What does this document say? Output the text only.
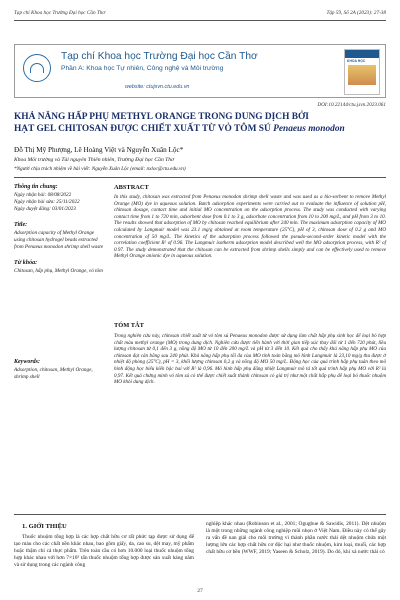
Tạp chí Khoa học Trường Đại học Cần Thơ	Tập 59, Số 2A (2023): 27-38
Tạp chí Khoa học Trường Đại học Cần Thơ
Phần A: Khoa học Tự nhiên, Công nghệ và Môi trường
website: ctujsvn.ctu.edu.vn
KHOA HỌC
DOI:10.22144/ctu.jsvn.2023.061
KHẢ NĂNG HẤP PHỤ METHYL ORANGE TRONG DUNG DỊCH BỞI
HẠT GEL CHITOSAN ĐƯỢC CHIẾT XUẤT TỪ VỎ TÔM SÚ Penaeus monodon
Đỗ Thị Mỹ Phượng, Lê Hoàng Việt và Nguyễn Xuân Lộc*
Khoa Môi trường và Tài nguyên Thiên nhiên, Trường Đại học Cần Thơ
*Người chịu trách nhiệm về bài viết: Nguyễn Xuân Lộc (email: nxloc@ctu.edu.vn)
Thông tin chung:
Ngày nhận bài: 08/08/2022
Ngày nhận bài sửa: 25/11/2022
Ngày duyệt đăng: 03/01/2023
Title:
Adsorption capacity of Methyl Orange using chitosan hydrogel beads extracted from Penaeus monodon shrimp shell waste
Từ khóa:
Chitosan, hấp phụ, Methyl Orange, vỏ tôm
Keywords:
Adsorption, chitosan, Methyl Orange, shrimp shell
ABSTRACT

In this study, chitosan was extracted from Penaeus monodon shrimp shell waste and was used as a bio-sorbent to remove Methyl Orange (MO) dye in aqueous solution. Batch adsorption experiments were carried out to evaluate the influence of solution pH, chitosan dosage, contact time and initial MO concentration on the adsorption process. The study was conducted with varying contact time from 1 to 720 min, adsorbent dose from 0.1 to 3 g, adsorbate concentration from 10 to 200 mg/L, and pH from 3 to 10. The results showed that adsorption of MO by chitosan reached equilibrium after 240 min. The maximum adsorption capacity of MO calculated by Langmuir model was 23.1 mg/g obtained at room temperature (25°C), pH of 3, chitosan dose of 0.2 g and MO concentration of 50 mg/L. The kinetics of the adsorption process followed the pseudo-second-order kinetic model with the correlation coefficient R² of 0.96. The Langmuir isotherm adsorption model described well the MO adsorption process, with R² of 0.97. The study demonstrated that the chitosan can be extracted from shrimp shells simply and can be effectively used to remove Methyl Orange anionic dye in aqueous solution.

TÓM TẮT

Trong nghiên cứu này, chitosan chiết xuất từ vỏ tôm sú Penaeus monodon được sử dụng làm chất hấp phụ sinh học để loại bỏ hợp chất màu methyl orange (MO) trong dung dịch. Nghiên cứu được tiến hành với thời gian tiếp xúc thay đổi từ 1 đến 720 phút, liều lượng chitosan từ 0,1 đến 3 g, nồng độ MO từ 10 đến 200 mg/L và pH từ 3 đến 10. Kết quả cho thấy khả năng hấp phụ MO của chitosan đạt cân bằng sau 240 phút. Khả năng hấp phụ tối đa của MO tính toán bằng mô hình Langmuir là 23,10 mg/g thu được ở nhiệt độ phòng (25°C), pH = 3, khối lượng chitosan 0,2 g và nồng độ MO 50 mg/L. Động học của quá trình hấp phụ tuân theo mô hình động học biểu kiến bậc hai với R² là 0,96. Mô hình hấp phụ đẳng nhiệt Langmuir mô tả tốt quá trình hấp phụ MO với R² là 0,97. Kết quả chứng minh vỏ tôm sú có thể được chiết xuất thành chitosan có giá trị như một chất hấp phụ để loại bỏ thuốc nhuộm MO khỏi dung dịch.

1. GIỚI THIỆU

Thuốc nhuộm tổng hợp là các hợp chất hữu cơ rất phức tạp được sử dụng để tạo màu cho các chất nền khác nhau, bao gồm giấy, da, cao su, dệt may, mỹ phẩm hoặc thậm chí cả thực phẩm. Trên toàn cầu có hơn 10.000 loại thuốc nhuộm tổng hợp khác nhau với hơn 7×10⁵ tấn thuốc nhuộm tổng hợp được sản xuất hàng năm và sử dụng trong các ngành công

nghiệp khác nhau (Robinson et al., 2001; Ogugbue & Sawidis, 2011). Dệt nhuộm là một trong những ngành công nghiệp mũi nhọn ở Việt Nam. Điều này có thể gây ra vấn đề nan giải cho môi trường vì thành phần nước thải dệt nhuộm chứa một lượng lớn các hợp chất hữu cơ độc hại như thuốc nhuộm, kim loại, muối, các hợp chất hữu cơ bền (WWF, 2019; Yaseen & Scholz, 2019). Do đó, khi xả nước thải có

27
